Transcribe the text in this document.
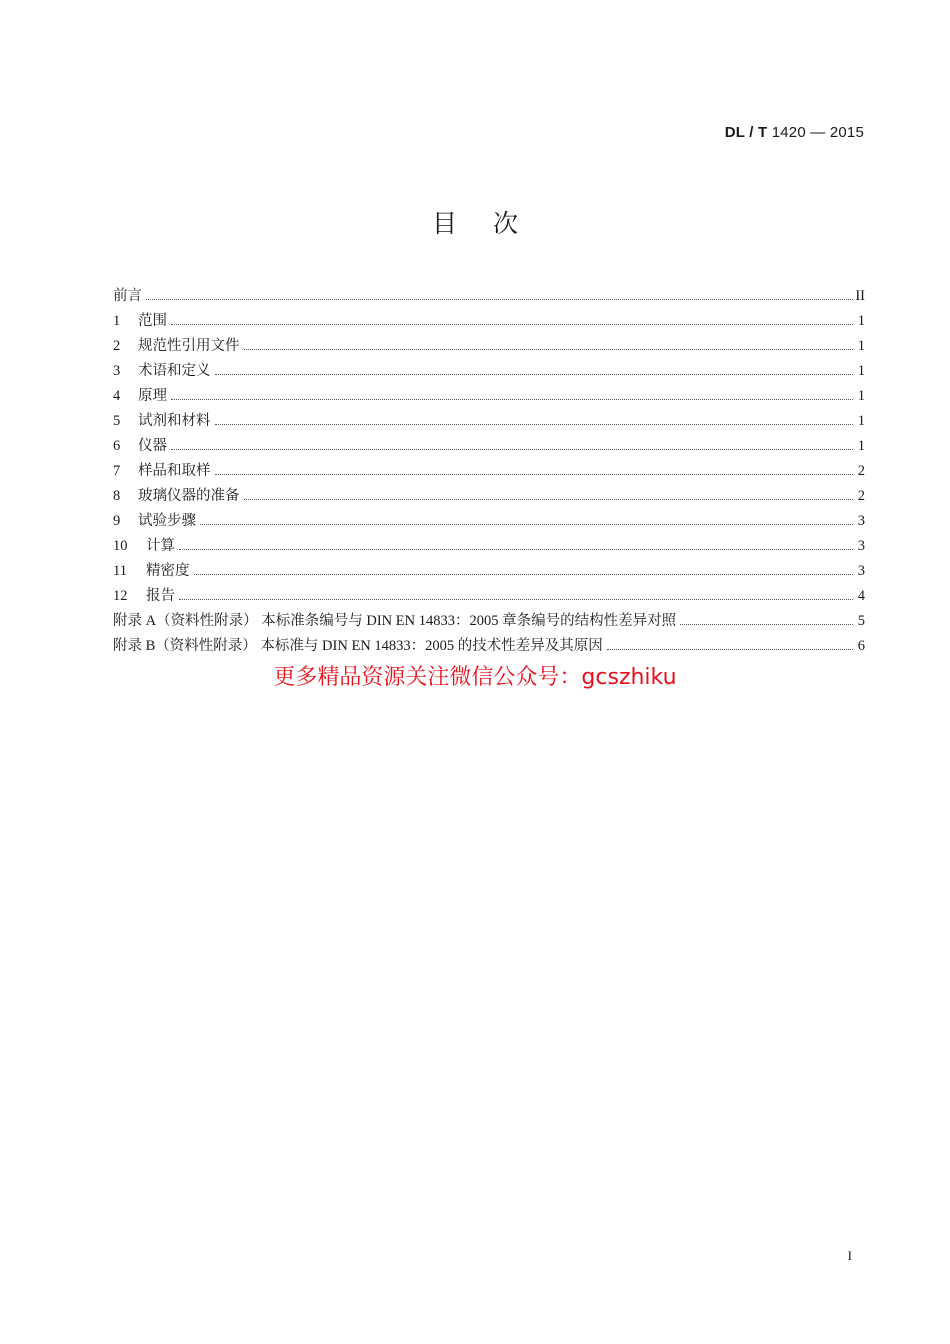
DL / T 1420 — 2015
目次
前言	II
1	范围	1
2	规范性引用文件	1
3	术语和定义	1
4	原理	1
5	试剂和材料	1
6	仪器	1
7	样品和取样	2
8	玻璃仪器的准备	2
9	试验步骤	3
10	计算	3
11	精密度	3
12	报告	4
附录 A（资料性附录） 本标准条编号与 DIN EN 14833：2005 章条编号的结构性差异对照	5
附录 B（资料性附录） 本标准与 DIN EN 14833：2005 的技术性差异及其原因	6
更多精品资源关注微信公众号：gcszhiku
I
